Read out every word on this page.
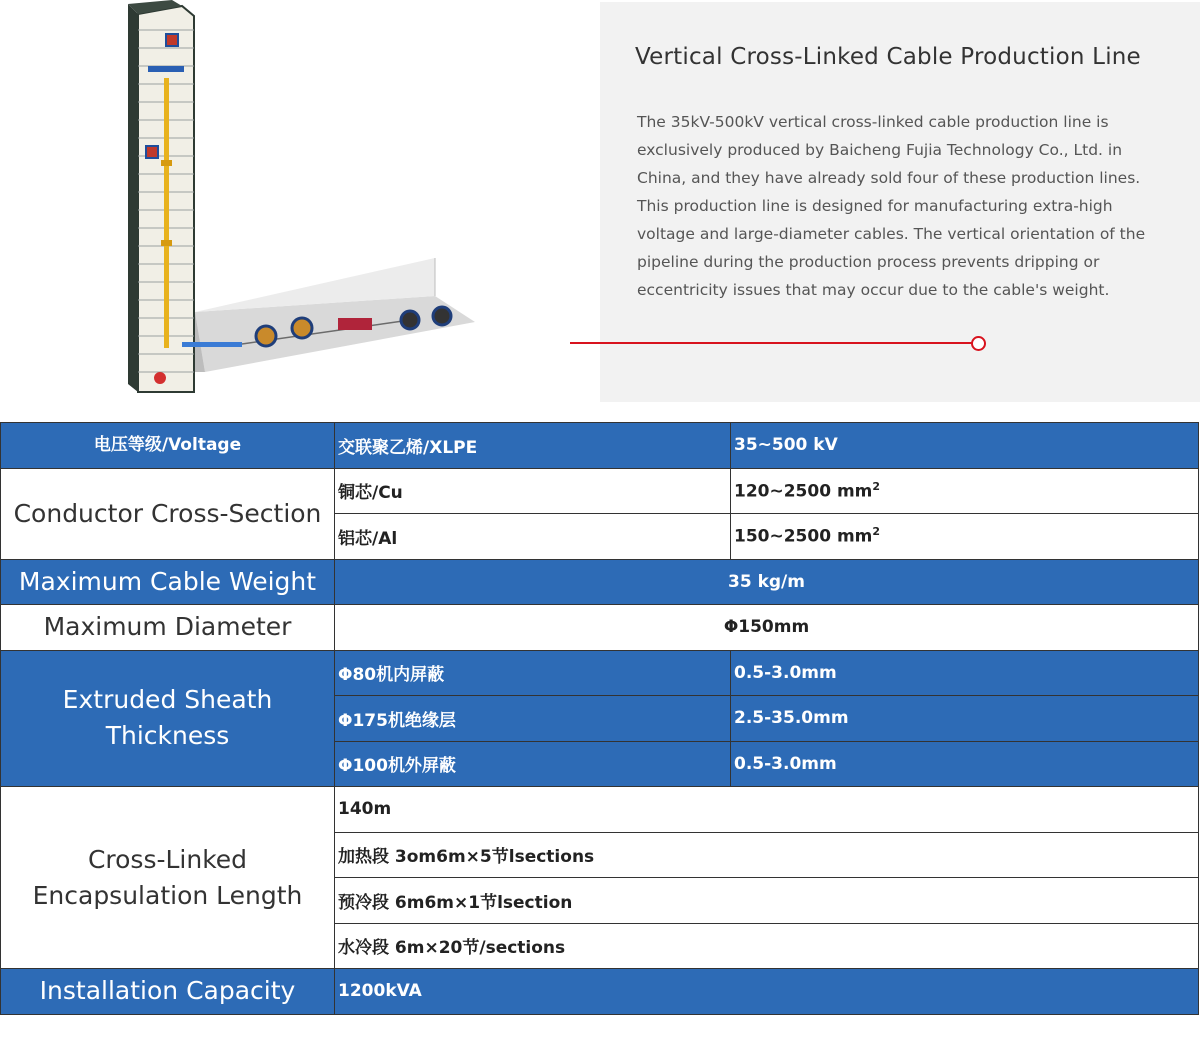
Vertical Cross-Linked Cable Production Line

The 35kV-500kV vertical cross-linked cable production line is exclusively produced by Baicheng Fujia Technology Co., Ltd. in China, and they have already sold four of these production lines. This production line is designed for manufacturing extra-high voltage and large-diameter cables. The vertical orientation of the pipeline during the production process prevents dripping or eccentricity issues that may occur due to the cable's weight.

电压等级/Voltage	交联聚乙烯/XLPE	35~500 kV
Conductor Cross-Section	铜芯/Cu	120~2500 $mm^2$
	铝芯/Al	150~2500 $mm^2$
Maximum Cable Weight	35 kg/m	
Maximum Diameter	Φ150mm	
Extruded Sheath Thickness	Φ80机内屏蔽	0.5-3.0mm
	Φ175机绝缘层	2.5-35.0mm
	Φ100机外屏蔽	0.5-3.0mm
Cross-Linked Encapsulation Length	140m	
	加热段 3om6m×5节lsections	
	预冷段 6m6m×1节lsection	
	水冷段 6m×20节/sections	
Installation Capacity	1200kVA	
